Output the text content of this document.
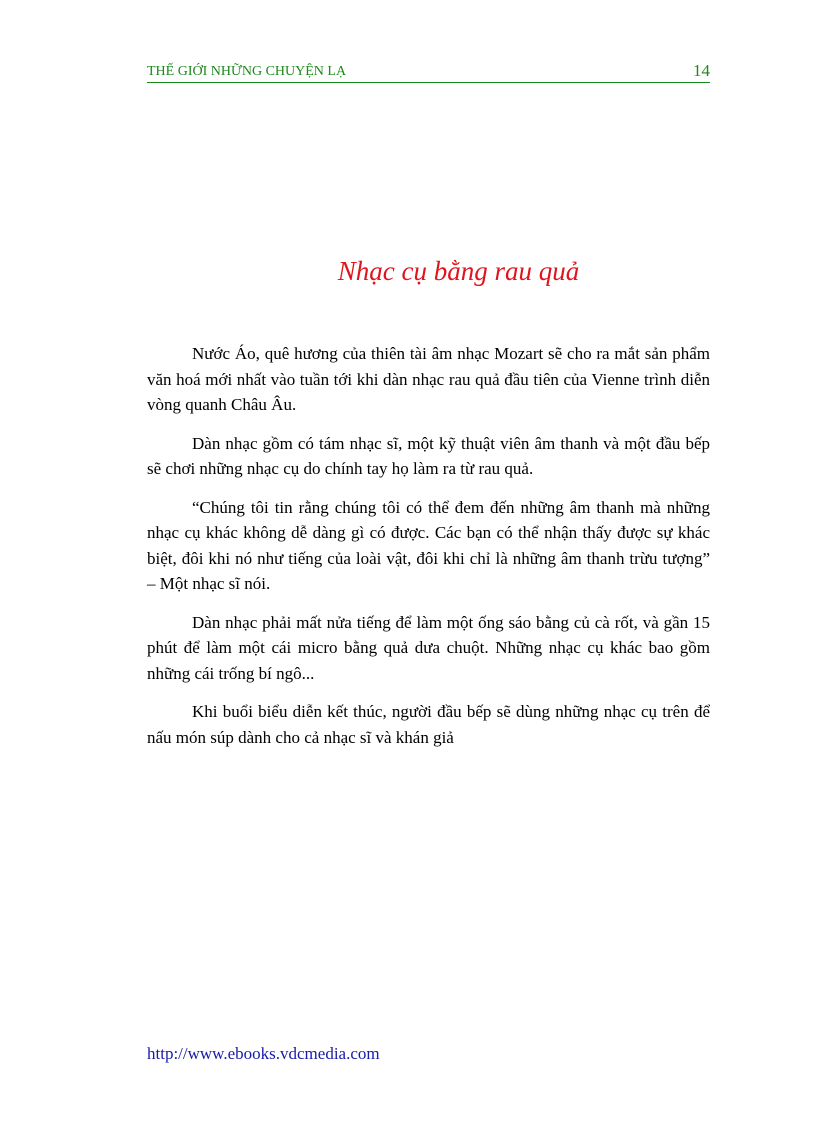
THẾ GIỚI NHỮNG CHUYỆN LẠ	14
Nhạc cụ bằng rau quả

Nước Áo, quê hương của thiên tài âm nhạc Mozart sẽ cho ra mắt sản phẩm văn hoá mới nhất vào tuần tới khi dàn nhạc rau quả đầu tiên của Vienne trình diễn vòng quanh Châu Âu.

Dàn nhạc gồm có tám nhạc sĩ, một kỹ thuật viên âm thanh và một đầu bếp sẽ chơi những nhạc cụ do chính tay họ làm ra từ rau quả.

“Chúng tôi tin rằng chúng tôi có thể đem đến những âm thanh mà những nhạc cụ khác không dễ dàng gì có được. Các bạn có thể nhận thấy được sự khác biệt, đôi khi nó như tiếng của loài vật, đôi khi chỉ là những âm thanh trừu tượng” – Một nhạc sĩ nói.

Dàn nhạc phải mất nửa tiếng để làm một ống sáo bằng củ cà rốt, và gần 15 phút để làm một cái micro bằng quả dưa chuột. Những nhạc cụ khác bao gồm những cái trống bí ngô...

Khi buổi biểu diễn kết thúc, người đầu bếp sẽ dùng những nhạc cụ trên để nấu món súp dành cho cả nhạc sĩ và khán giả

http://www.ebooks.vdcmedia.com
